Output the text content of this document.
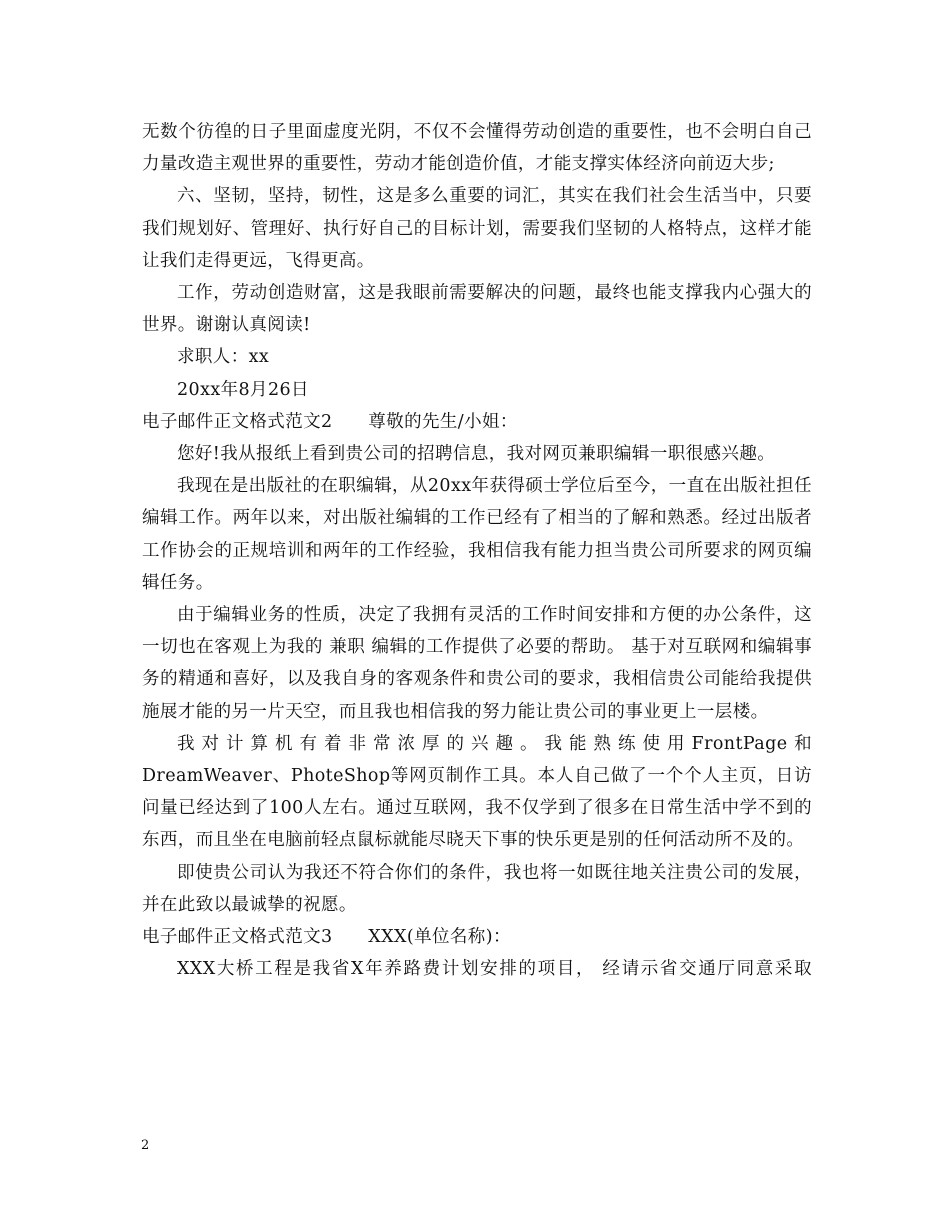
无数个彷徨的日子里面虚度光阴，不仅不会懂得劳动创造的重要性，也不会明白自己力量改造主观世界的重要性，劳动才能创造价值，才能支撑实体经济向前迈大步;

六、坚韧，坚持，韧性，这是多么重要的词汇，其实在我们社会生活当中，只要我们规划好、管理好、执行好自己的目标计划，需要我们坚韧的人格特点，这样才能让我们走得更远，飞得更高。

工作，劳动创造财富，这是我眼前需要解决的问题，最终也能支撑我内心强大的世界。谢谢认真阅读!

求职人：xx

20xx年8月26日

电子邮件正文格式范文2      尊敬的先生/小姐：

您好!我从报纸上看到贵公司的招聘信息，我对网页兼职编辑一职很感兴趣。

我现在是出版社的在职编辑，从20xx年获得硕士学位后至今，一直在出版社担任编辑工作。两年以来，对出版社编辑的工作已经有了相当的了解和熟悉。经过出版者工作协会的正规培训和两年的工作经验，我相信我有能力担当贵公司所要求的网页编辑任务。

由于编辑业务的性质，决定了我拥有灵活的工作时间安排和方便的办公条件，这一切也在客观上为我的 兼职 编辑的工作提供了必要的帮助。 基于对互联网和编辑事务的精通和喜好，以及我自身的客观条件和贵公司的要求，我相信贵公司能给我提供施展才能的另一片天空，而且我也相信我的努力能让贵公司的事业更上一层楼。

我对计算机有着非常浓厚的兴趣。我能熟练使用FrontPage和DreamWeaver、PhoteShop等网页制作工具。本人自己做了一个个人主页，日访问量已经达到了100人左右。通过互联网，我不仅学到了很多在日常生活中学不到的东西，而且坐在电脑前轻点鼠标就能尽晓天下事的快乐更是别的任何活动所不及的。

即使贵公司认为我还不符合你们的条件，我也将一如既往地关注贵公司的发展，并在此致以最诚挚的祝愿。

电子邮件正文格式范文3      XXX(单位名称)：

XXX大桥工程是我省X年养路费计划安排的项目， 经请示省交通厅同意采取

2
